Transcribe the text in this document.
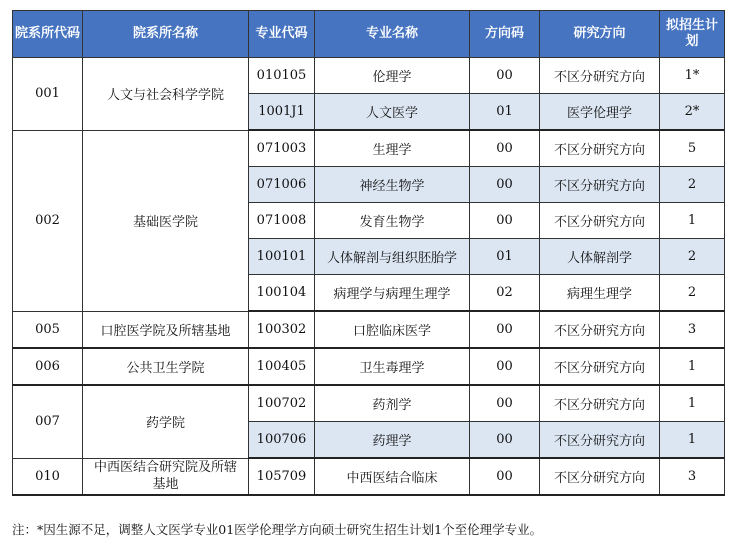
院系所代码	院系所名称	专业代码	专业名称	方向码	研究方向	拟招生计划
001	人文与社会科学学院	010105	伦理学	00	不区分研究方向	1*
		1001J1	人文医学	01	医学伦理学	2*
002	基础医学院	071003	生理学	00	不区分研究方向	5
		071006	神经生物学	00	不区分研究方向	2
		071008	发育生物学	00	不区分研究方向	1
		100101	人体解剖与组织胚胎学	01	人体解剖学	2
		100104	病理学与病理生理学	02	病理生理学	2
005	口腔医学院及所辖基地	100302	口腔临床医学	00	不区分研究方向	3
006	公共卫生学院	100405	卫生毒理学	00	不区分研究方向	1
007	药学院	100702	药剂学	00	不区分研究方向	1
		100706	药理学	00	不区分研究方向	1
010	中西医结合研究院及所辖基地	105709	中西医结合临床	00	不区分研究方向	3
注：*因生源不足，调整人文医学专业01医学伦理学方向硕士研究生招生计划1个至伦理学专业。
